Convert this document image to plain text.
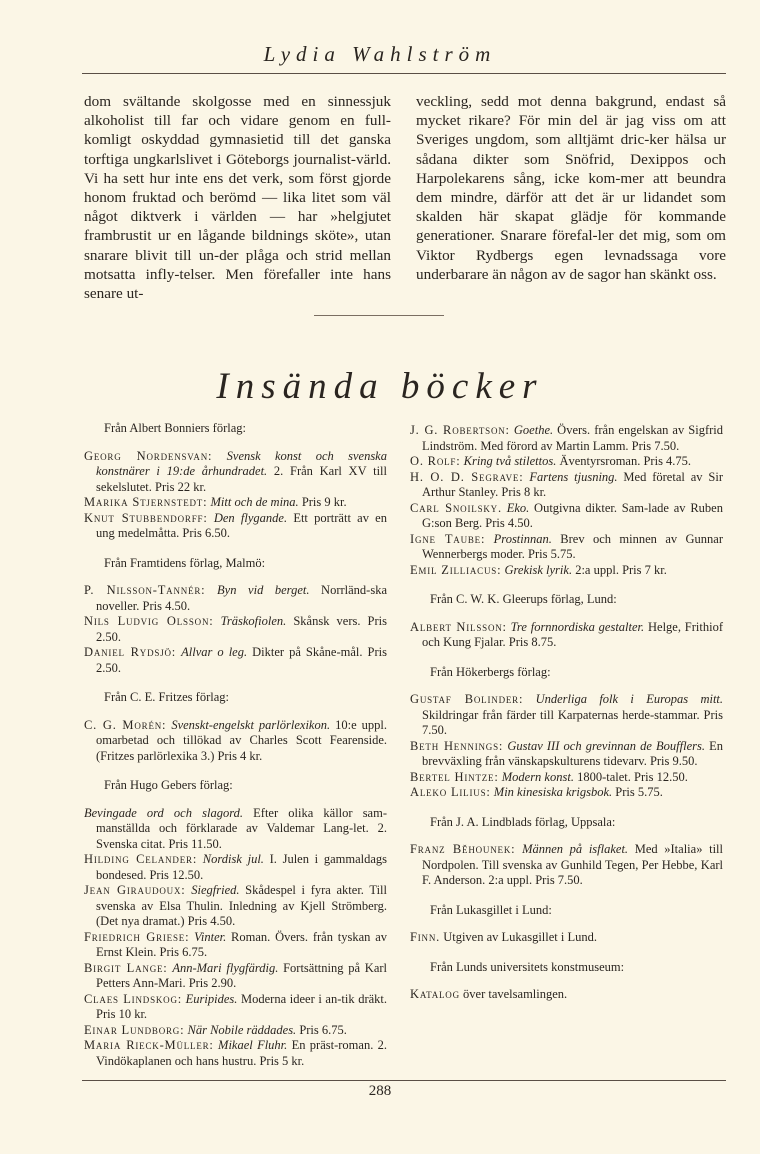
Lydia Wahlström
dom svältande skolgosse med en sinnessjuk alkoholist till far och vidare genom en full-komligt oskyddad gymnasietid till det ganska torftiga ungkarlslivet i Göteborgs journalist-värld. Vi ha sett hur inte ens det verk, som först gjorde honom fruktad och berömd — lika litet som väl något diktverk i världen — har »helgjutet frambrustit ur en lågande bildnings sköte», utan snarare blivit till un-der plåga och strid mellan motsatta infly-telser. Men förefaller inte hans senare ut-
veckling, sedd mot denna bakgrund, endast så mycket rikare? För min del är jag viss om att Sveriges ungdom, som alltjämt dric-ker hälsa ur sådana dikter som Snöfrid, Dexippos och Harpolekarens sång, icke kom-mer att beundra dem mindre, därför att det är ur lidandet som skalden här skapat glädje för kommande generationer. Snarare förefal-ler det mig, som om Viktor Rydbergs egen levnadssaga vore underbarare än någon av de sagor han skänkt oss.
Insända böcker
Från Albert Bonniers förlag:
Georg Nordensvan: Svensk konst och svenska konstnärer i 19:de århundradet. 2. Från Karl XV till sekelslutet. Pris 22 kr.
Marika Stjernstedt: Mitt och de mina. Pris 9 kr.
Knut Stubbendorff: Den flygande. Ett porträtt av en ung medelmåtta. Pris 6.50.
Från Framtidens förlag, Malmö:
P. Nilsson-Tannér: Byn vid berget. Norrländ-ska noveller. Pris 4.50.
Nils Ludvig Olsson: Träskofiolen. Skånsk vers. Pris 2.50.
Daniel Rydsjö: Allvar o leg. Dikter på Skåne-mål. Pris 2.50.
Från C. E. Fritzes förlag:
C. G. Morén: Svenskt-engelskt parlörlexikon. 10:e uppl. omarbetad och tillökad av Charles Scott Fearenside. (Fritzes parlörlexika 3.) Pris 4 kr.
Från Hugo Gebers förlag:
Bevingade ord och slagord. Efter olika källor sam-manställda och förklarade av Valdemar Lang-let. 2. Svenska citat. Pris 11.50.
Hilding Celander: Nordisk jul. I. Julen i gammaldags bondesed. Pris 12.50.
Jean Giraudoux: Siegfried. Skådespel i fyra akter. Till svenska av Elsa Thulin. Inledning av Kjell Strömberg. (Det nya dramat.) Pris 4.50.
Friedrich Griese: Vinter. Roman. Övers. från tyskan av Ernst Klein. Pris 6.75.
Birgit Lange: Ann-Mari flygfärdig. Fortsättning på Karl Petters Ann-Mari. Pris 2.90.
Claes Lindskog: Euripides. Moderna ideer i an-tik dräkt. Pris 10 kr.
Einar Lundborg: När Nobile räddades. Pris 6.75.
Maria Rieck-Müller: Mikael Fluhr. En präst-roman. 2. Vindökaplanen och hans hustru. Pris 5 kr.
J. G. Robertson: Goethe. Övers. från engelskan av Sigfrid Lindström. Med förord av Martin Lamm. Pris 7.50.
O. Rolf: Kring två stilettos. Äventyrsroman. Pris 4.75.
H. O. D. Segrave: Fartens tjusning. Med företal av Sir Arthur Stanley. Pris 8 kr.
Carl Snoilsky. Eko. Outgivna dikter. Sam-lade av Ruben G:son Berg. Pris 4.50.
Igne Taube: Prostinnan. Brev och minnen av Gunnar Wennerbergs moder. Pris 5.75.
Emil Zilliacus: Grekisk lyrik. 2:a uppl. Pris 7 kr.
Från C. W. K. Gleerups förlag, Lund:
Albert Nilsson: Tre fornnordiska gestalter. Helge, Frithiof och Kung Fjalar. Pris 8.75.
Från Hökerbergs förlag:
Gustaf Bolinder: Underliga folk i Europas mitt. Skildringar från färder till Karpaternas herde-stammar. Pris 7.50.
Beth Hennings: Gustav III och grevinnan de Boufflers. En brevväxling från vänskapskulturens tidevarv. Pris 9.50.
Bertel Hintze: Modern konst. 1800-talet. Pris 12.50.
Aleko Lilius: Min kinesiska krigsbok. Pris 5.75.
Från J. A. Lindblads förlag, Uppsala:
Franz Běhounek: Männen på isflaket. Med »Italia» till Nordpolen. Till svenska av Gunhild Tegen, Per Hebbe, Karl F. Anderson. 2:a uppl. Pris 7.50.
Från Lukasgillet i Lund:
Finn. Utgiven av Lukasgillet i Lund.
Från Lunds universitets konstmuseum:
Katalog över tavelsamlingen.
288
